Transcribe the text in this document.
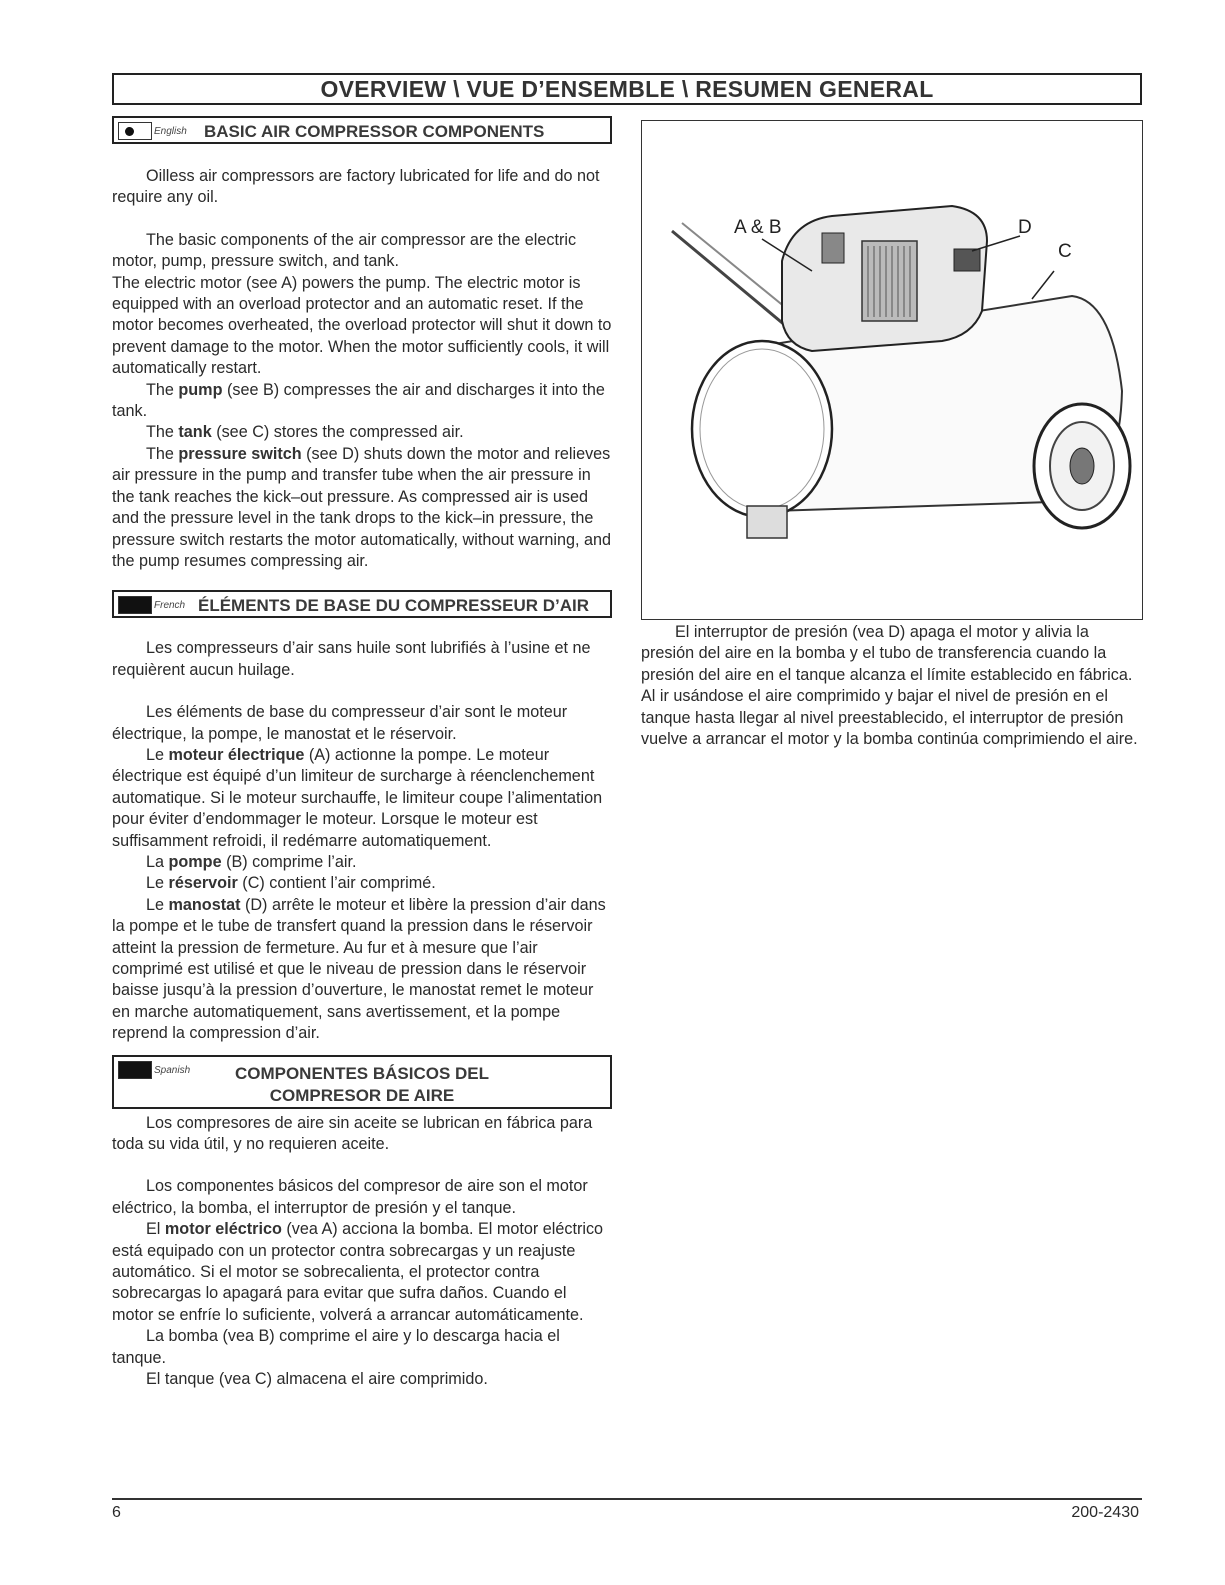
OVERVIEW \ VUE D’ENSEMBLE \ RESUMEN GENERAL
English BASIC AIR COMPRESSOR COMPONENTS

Oilless air compressors are factory lubricated for life and do not require any oil.

The basic components of the air compressor are the electric motor, pump, pressure switch, and tank.

The electric motor (see A) powers the pump. The electric motor is equipped with an overload protector and an automatic reset. If the motor becomes overheated, the overload protector will shut it down to prevent damage to the motor. When the motor sufficiently cools, it will automatically restart.

The pump (see B) compresses the air and discharges it into the tank.

The tank (see C) stores the compressed air.

The pressure switch (see D) shuts down the motor and relieves air pressure in the pump and transfer tube when the air pressure in the tank reaches the kick–out pressure. As compressed air is used and the pressure level in the tank drops to the kick–in pressure, the pressure switch restarts the motor automatically, without warning, and the pump resumes compressing air.

French ÉLÉMENTS DE BASE DU COMPRESSEUR D’AIR

Les compresseurs d’air sans huile sont lubrifiés à l’usine et ne requièrent aucun huilage.

Les éléments de base du compresseur d’air sont le moteur électrique, la pompe, le manostat et le réservoir.

Le moteur électrique (A) actionne la pompe. Le moteur électrique est équipé d’un limiteur de surcharge à réenclenchement automatique. Si le moteur surchauffe, le limiteur coupe l’alimentation pour éviter d’endommager le moteur. Lorsque le moteur est suffisamment refroidi, il redémarre automatiquement.

La pompe (B) comprime l’air.

Le réservoir (C) contient l’air comprimé.

Le manostat (D) arrête le moteur et libère la pression d’air dans la pompe et le tube de transfert quand la pression dans le réservoir atteint la pression de fermeture. Au fur et à mesure que l’air comprimé est utilisé et que le niveau de pression dans le réservoir baisse jusqu’à la pression d’ouverture, le manostat remet le moteur en marche automatiquement, sans avertissement, et la pompe reprend la compression d’air.

Spanish	COMPONENTES BÁSICOS DEL
COMPRESOR DE AIRE

Los compresores de aire sin aceite se lubrican en fábrica para toda su vida útil, y no requieren aceite.

Los componentes básicos del compresor de aire son el motor eléctrico, la bomba, el interruptor de presión y el tanque.

El motor eléctrico (vea A) acciona la bomba. El motor eléctrico está equipado con un protector contra sobrecargas y un reajuste automático. Si el motor se sobrecalienta, el protector contra sobrecargas lo apagará para evitar que sufra daños. Cuando el motor se enfríe lo suficiente, volverá a arrancar automáticamente.

La bomba (vea B) comprime el aire y lo descarga hacia el tanque.

El tanque (vea C) almacena el aire comprimido.

A & B	D
C

El interruptor de presión (vea D) apaga el motor y alivia la presión del aire en la bomba y el tubo de transferencia cuando la presión del aire en el tanque alcanza el límite establecido en fábrica. Al ir usándose el aire comprimido y bajar el nivel de presión en el tanque hasta llegar al nivel preestablecido, el interruptor de presión vuelve a arrancar el motor y la bomba continúa comprimiendo el aire.

6	200-2430
